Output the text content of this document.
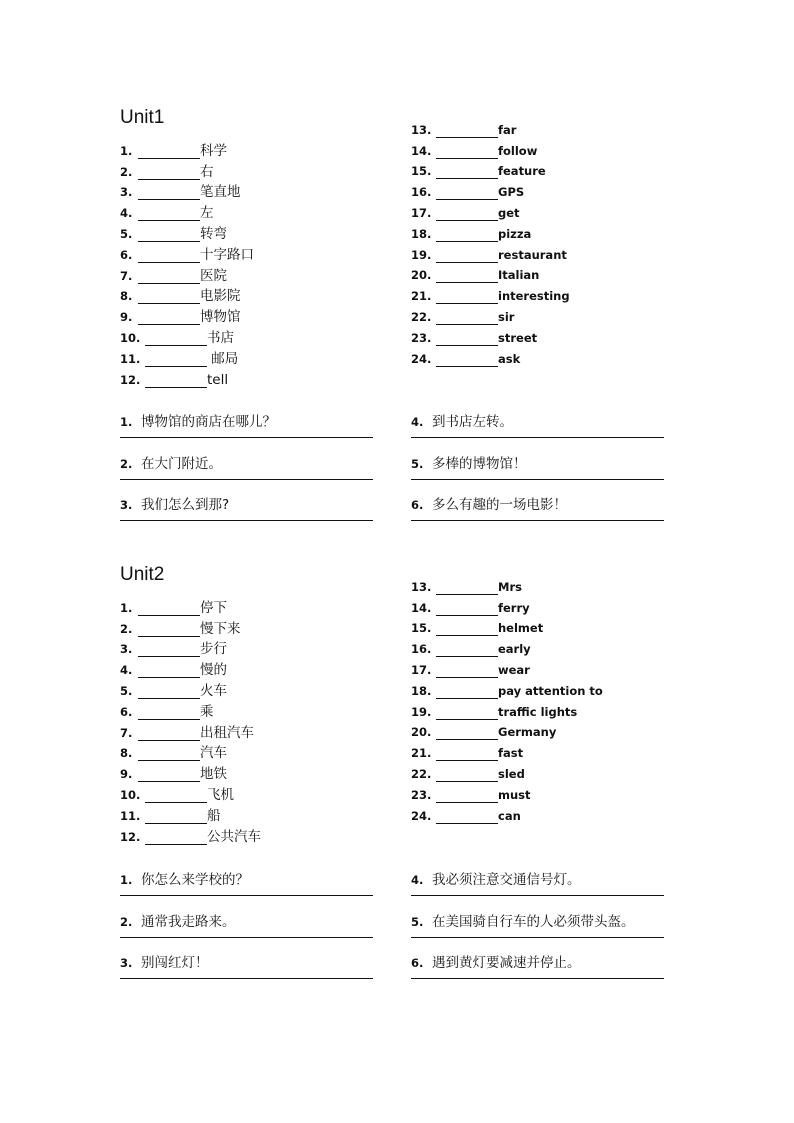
Unit1
1.	科学
2.	右
3.	笔直地
4.	左
5.	转弯
6.	十字路口
7.	医院
8.	电影院
9.	博物馆
10.	书店
11.	邮局
12.	tell
13.	far
14.	follow
15.	feature
16.	GPS
17.	get
18.	pizza
19.	restaurant
20.	Italian
21.	interesting
22.	sir
23.	street
24.	ask
1. 博物馆的商店在哪儿？
2. 在大门附近。
3. 我们怎么到那?
4. 到书店左转。
5. 多棒的博物馆！
6. 多么有趣的一场电影！
Unit2
1.	停下
2.	慢下来
3.	步行
4.	慢的
5.	火车
6.	乘
7.	出租汽车
8.	汽车
9.	地铁
10.	飞机
11.	船
12.	公共汽车
13.	Mrs
14.	ferry
15.	helmet
16.	early
17.	wear
18.	pay attention to
19.	traffic lights
20.	Germany
21.	fast
22.	sled
23.	must
24.	can
1. 你怎么来学校的？
2. 通常我走路来。
3. 别闯红灯！
4. 我必须注意交通信号灯。
5. 在美国骑自行车的人必须带头盔。
6. 遇到黄灯要减速并停止。
